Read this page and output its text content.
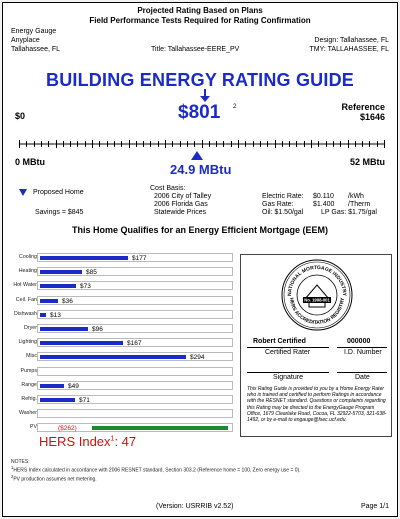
Projected Rating Based on Plans
Field Performance Tests Required for Rating Confirmation
Energy Gauge
Anyplace
Tallahassee, FL	Title: Tallahassee-EERE_PV
Design: Tallahassee, FL
TMY: TALLAHASSEE, FL
BUILDING ENERGY RATING GUIDE
$0	$801 2	Reference
$1646
0 MBtu	24.9 MBtu	52 MBtu
Proposed Home
Savings = $845
Cost Basis:
2006 City of Talley
2006 Florida Gas
Statewide Prices
Electric Rate: $0.110 /kWh
Gas Rate:	$1.400 /Therm
Oil: $1.50/gal	LP Gas: $1.75/gal
This Home Qualifies for an Energy Efficient Mortgage (EEM)
Cooling	$177
Heating	$85
Hot Water	$73
Ceil. Fan	$36
Dishwash $13
Dryer	$96
Lighting	$167
Misc	$294
Pumps
Range	$49
Refrig.	$71
Washer
PV	($262)
HERS Index$^1$: 47
NATIONAL MORTGAGE INDUSTRY
HERS ACCREDITATION REGISTRY
No. 1998-001
Robert Certified	000000
Certified Rater	I.D. Number
Signature	Date
This Rating Guide is provided to you by a Home Energy Rater who is trained and certified to perform Ratings in accordance with the RESNET standard. Questions or complaints regarding this Rating may be directed to the EnergyGauge Program Office, 1679 Clearlake Road, Cocoa, FL 32922-5703, 321-638-1492, or by e-mail to engauge@fsec.ucf.edu.
NOTES:
$^1$HERS Index calculated in accordance with 2006 RESNET standard, Section 303.2 (Reference home = 100, Zero energy use = 0).
$^2$PV production assumes net metering.
(Version: USRRIB v2.52)	Page 1/1
